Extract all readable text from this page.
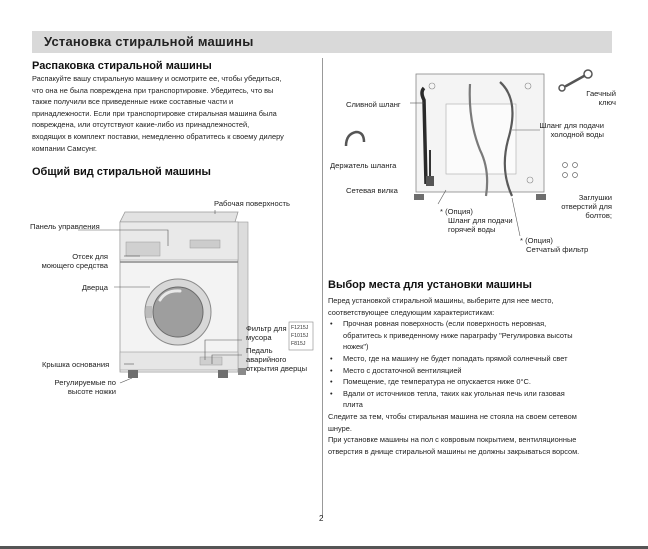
Установка стиральной машины
Распаковка стиральной машины
Распакуйте вашу стиральную машину и осмотрите ее, чтобы убедиться,
что она не была повреждена при транспортировке. Убедитесь, что вы
также получили все приведенные ниже составные части и
принадлежности. Если при транспортировке стиральная машина была
повреждена, или отсутствуют какие-либо из принадлежностей,
входящих в комплект поставки, немедленно обратитесь к своему дилеру
компании Самсунг.
Общий вид стиральной машины
Рабочая поверхность
Панель управления
Отсек для
моющего средства
Дверца
Фильтр для
мусора
F1215J
F1015J
F815J
Педаль
аварийного
открытия дверцы
Крышка основания
Регулируемые по
высоте ножки
Сливной шланг
Держатель шланга
Сетевая вилка
Гаечный
ключ
Шланг для подачи
холодной воды
Заглушки
отверстий для
болтов;
* (Опция)
Шланг для подачи
горячей воды
* (Опция)
Сетчатый фильтр
Выбор места для установки машины
Перед установкой стиральной машины, выберите для нее место,
соответствующее следующим характеристикам:
• Прочная ровная поверхность (если поверхность неровная,
обратитесь к приведенному ниже параграфу "Регулировка высоты
ножек")
• Место, где на машину не будет попадать прямой солнечный свет
• Место с достаточной вентиляцией
• Помещение, где температура не опускается ниже 0°С.
• Вдали от источников тепла, таких как угольная печь или газовая
плита
Следите за тем, чтобы стиральная машина не стояла на своем сетевом
шнуре.
При установке машины на пол с ковровым покрытием, вентиляционные
отверстия в днище стиральной машины не должны закрываться ворсом.
2
